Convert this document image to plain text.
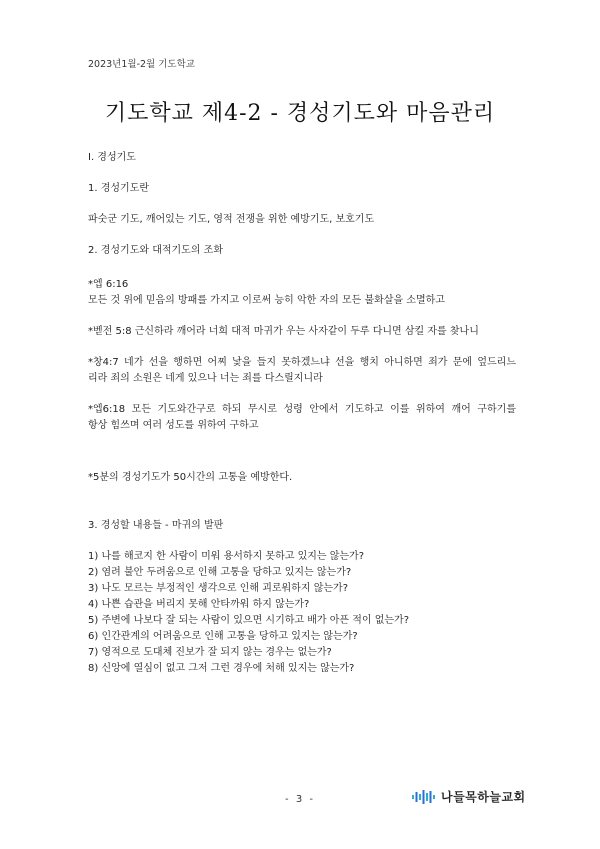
2023년1월-2월 기도학교
기도학교 제4-2 - 경성기도와 마음관리

Ⅰ. 경성기도

1. 경성기도란

파숫군 기도, 깨어있는 기도, 영적 전쟁을 위한 예방기도, 보호기도

2. 경성기도와 대적기도의 조화

*엡 6:16

모든 것 위에 믿음의 방패를 가지고 이로써 능히 악한 자의 모든 불화살을 소멸하고

*벧전 5:8 근신하라 깨어라 너희 대적 마귀가 우는 사자같이 두루 다니면 삼킬 자를 찾나니

*창4:7 네가 선을 행하면 어찌 낯을 들지 못하겠느냐 선을 행치 아니하면 죄가 문에 엎드리느

리라 죄의 소원은 네게 있으나 너는 죄를 다스릴지니라

*엡6:18 모든 기도와간구로 하되 무시로 성령 안에서 기도하고 이를 위하여 깨어 구하기를

항상 힘쓰며 여러 성도를 위하여 구하고

*5분의 경성기도가 50시간의 고통을 예방한다.

3. 경성할 내용들 - 마귀의 발판

1) 나를 해코지 한 사람이 미워 용서하지 못하고 있지는 않는가?
2) 염려 불안 두려움으로 인해 고통을 당하고 있지는 않는가?
3) 나도 모르는 부정적인 생각으로 인해 괴로워하지 않는가?
4) 나쁜 습관을 버리지 못해 안타까워 하지 않는가?
5) 주변에 나보다 잘 되는 사람이 있으면 시기하고 배가 아픈 적이 없는가?
6) 인간관계의 어려움으로 인해 고통을 당하고 있지는 않는가?
7) 영적으로 도대체 진보가 잘 되지 않는 경우는 없는가?
8) 신앙에 열심이 없고 그저 그런 경우에 처해 있지는 않는가?
- 3 -	나들목하늘교회
